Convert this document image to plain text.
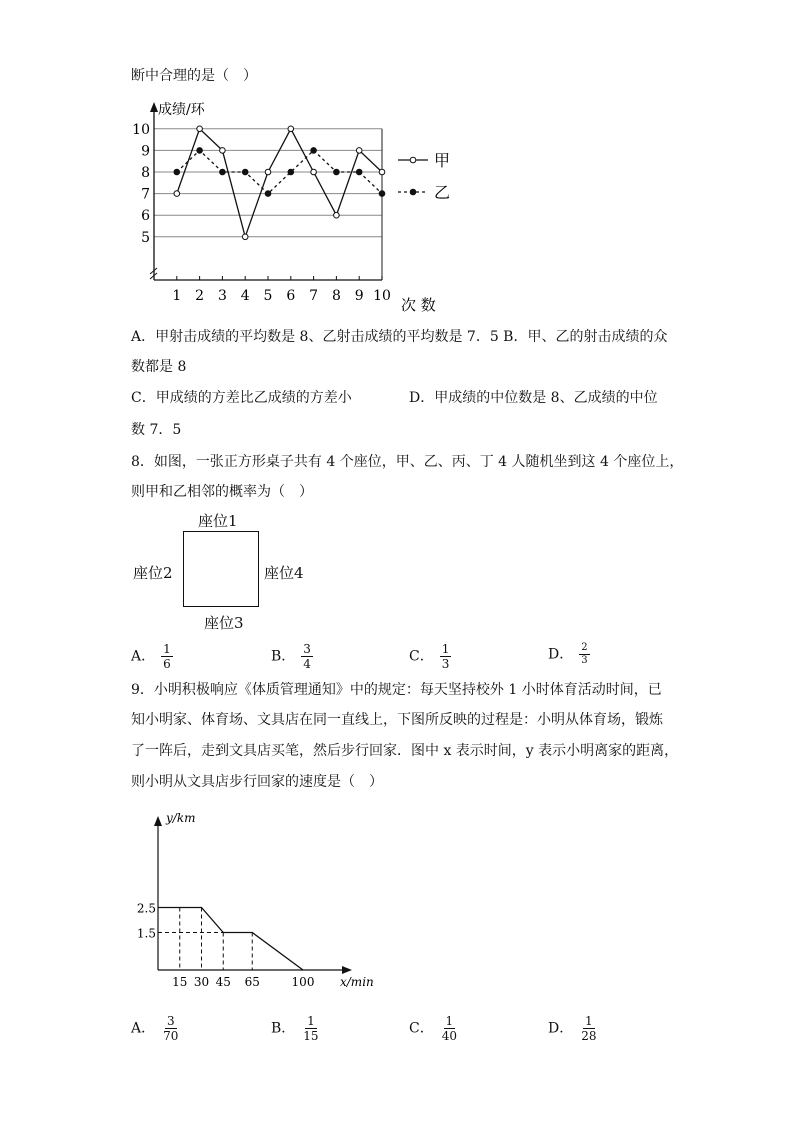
断中合理的是（　）
5
6
7
8
9
10
1 2 3 4 5 6 7 8 9 10
甲
乙
成绩/环
次 数
A．甲射击成绩的平均数是 8、乙射击成绩的平均数是 7．5 B．甲、乙的射击成绩的众
数都是 8
C．甲成绩的方差比乙成绩的方差小	D．甲成绩的中位数是 8、乙成绩的中位
数 7．5
8．如图，一张正方形桌子共有 4 个座位，甲、乙、丙、丁 4 人随机坐到这 4 个座位上，
则甲和乙相邻的概率为（　）
座位1
座位2	座位4
座位3
A． $\frac{1}{6}$	B． $\frac{3}{4}$	C． $\frac{1}{3}$	D． $\frac{2}{3}$
9．小明积极响应《体质管理通知》中的规定：每天坚持校外 1 小时体育活动时间，已
知小明家、体育场、文具店在同一直线上，下图所反映的过程是：小明从体育场，锻炼
了一阵后，走到文具店买笔，然后步行回家．图中 x 表示时间，y 表示小明离家的距离，
则小明从文具店步行回家的速度是（　）
1.5
2.5
15 30 45 65	100
y/km
x/min
A． $\frac{3}{70}$	B． $\frac{1}{15}$	C． $\frac{1}{40}$	D． $\frac{1}{28}$
